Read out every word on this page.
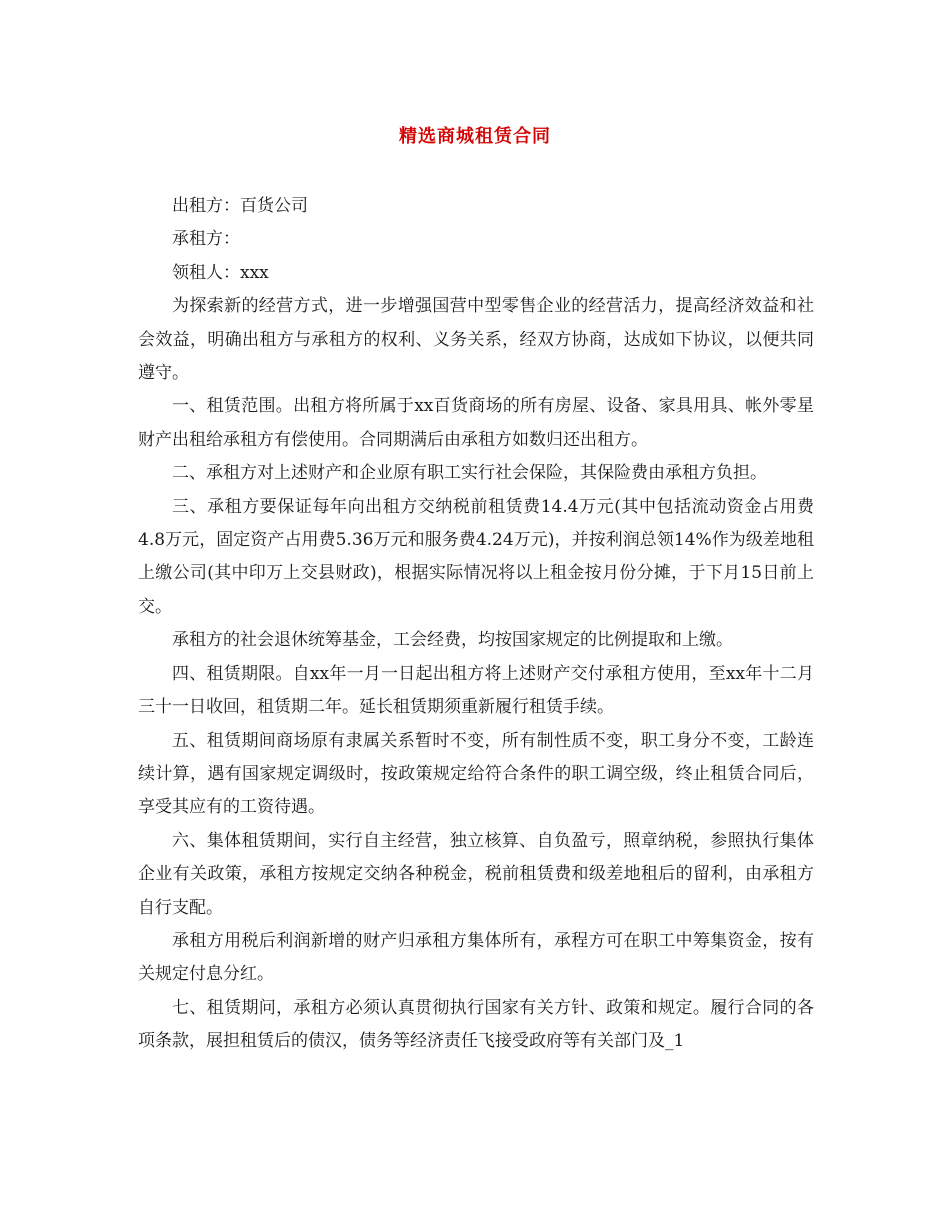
精选商城租赁合同

出租方：百货公司

承租方：

领租人：xxx

为探索新的经营方式，进一步增强国营中型零售企业的经营活力，提高经济效益和社会效益，明确出租方与承租方的权利、义务关系，经双方协商，达成如下协议，以便共同遵守。

一、租赁范围。出租方将所属于xx百货商场的所有房屋、设备、家具用具、帐外零星财产出租给承租方有偿使用。合同期满后由承租方如数归还出租方。

二、承租方对上述财产和企业原有职工实行社会保险，其保险费由承租方负担。

三、承租方要保证每年向出租方交纳税前租赁费14.4万元(其中包括流动资金占用费4.8万元，固定资产占用费5.36万元和服务费4.24万元)，并按利润总领14%作为级差地租上缴公司(其中印万上交县财政)，根据实际情况将以上租金按月份分摊，于下月15日前上交。

承租方的社会退休统筹基金，工会经费，均按国家规定的比例提取和上缴。

四、租赁期限。自xx年一月一日起出租方将上述财产交付承租方使用，至xx年十二月三十一日收回，租赁期二年。延长租赁期须重新履行租赁手续。

五、租赁期间商场原有隶属关系暂时不变，所有制性质不变，职工身分不变，工龄连续计算，遇有国家规定调级时，按政策规定给符合条件的职工调空级，终止租赁合同后，享受其应有的工资待遇。

六、集体租赁期间，实行自主经营，独立核算、自负盈亏，照章纳税，参照执行集体企业有关政策，承租方按规定交纳各种税金，税前租赁费和级差地租后的留利，由承租方自行支配。

承租方用税后利润新增的财产归承租方集体所有，承程方可在职工中筹集资金，按有关规定付息分红。

七、租赁期问，承租方必须认真贯彻执行国家有关方针、政策和规定。履行合同的各项条款，展担租赁后的债汉，债务等经济责任飞接受政府等有关部门及_1
